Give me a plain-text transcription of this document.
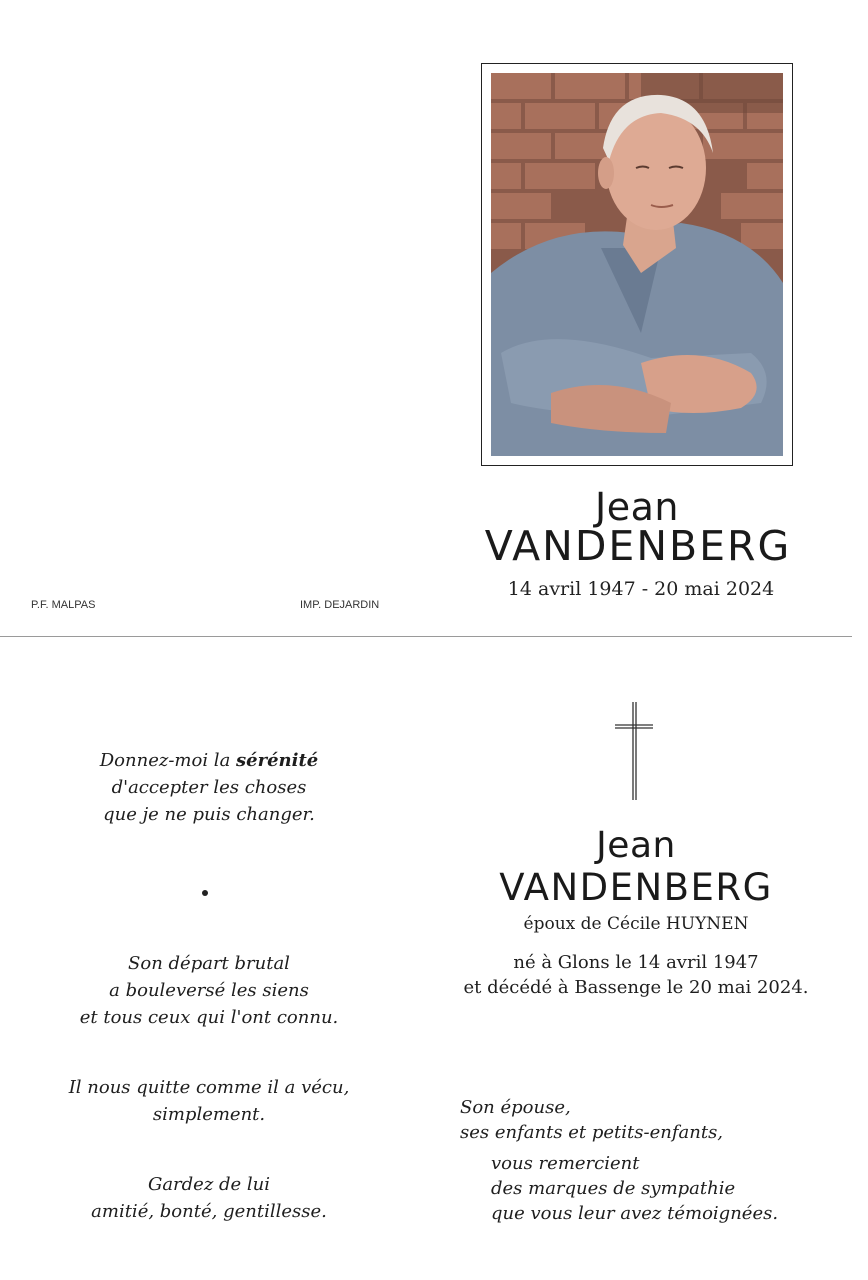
Jean
VANDENBERG
14 avril 1947 - 20 mai 2024
P.F. MALPAS	IMP. DEJARDIN

Donnez-moi la sérénité

d'accepter les choses

que je ne puis changer.

Son départ brutal

a bouleversé les siens

et tous ceux qui l'ont connu.

Il nous quitte comme il a vécu,

simplement.

Gardez de lui

amitié, bonté, gentillesse.

Jean
VANDENBERG
époux de Cécile HUYNEN
né à Glons le 14 avril 1947
et décédé à Bassenge le 20 mai 2024.

Son épouse,

ses enfants et petits-enfants,

vous remercient

des marques de sympathie

que vous leur avez témoignées.
